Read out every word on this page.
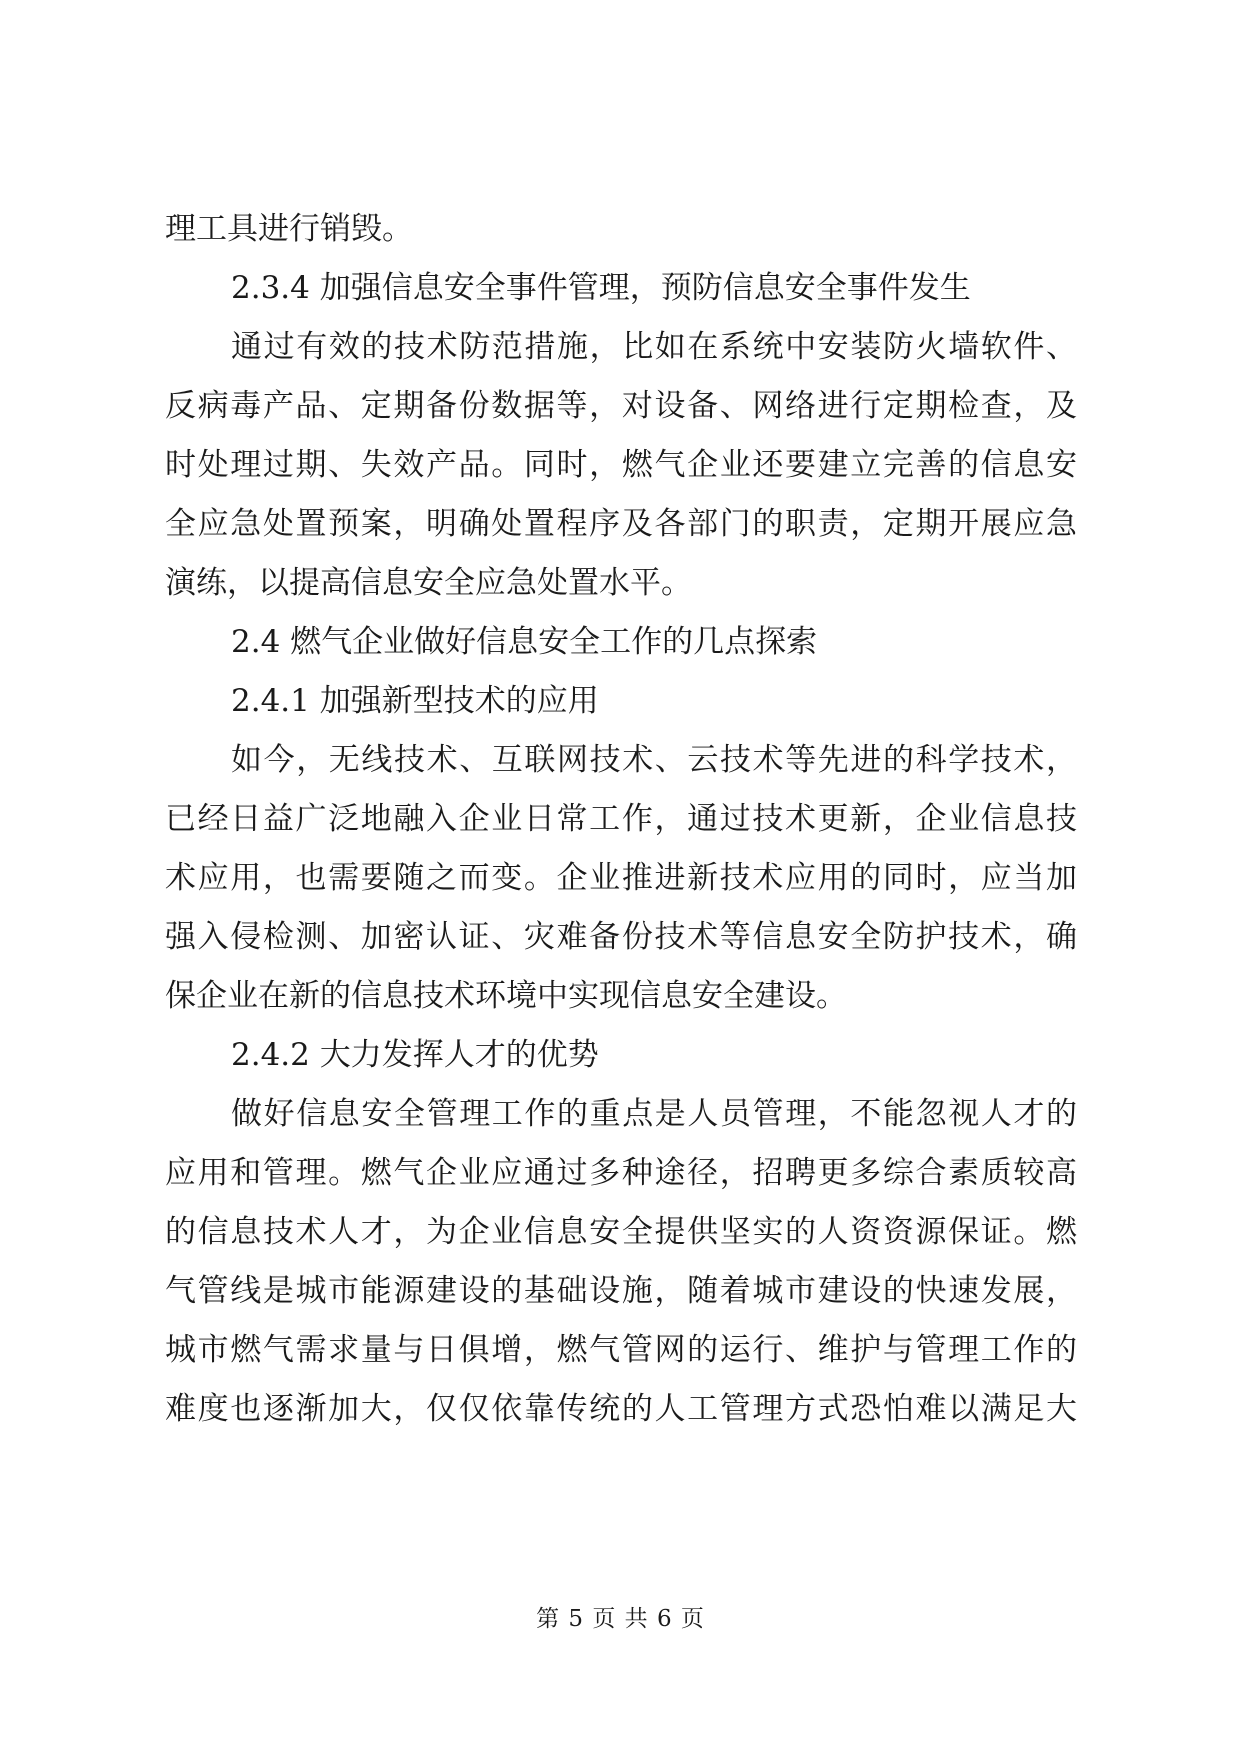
理工具进行销毁。
2.3.4 加强信息安全事件管理，预防信息安全事件发生
通过有效的技术防范措施，比如在系统中安装防火墙软件、
反病毒产品、定期备份数据等，对设备、网络进行定期检查，及
时处理过期、失效产品。同时，燃气企业还要建立完善的信息安
全应急处置预案，明确处置程序及各部门的职责，定期开展应急
演练，以提高信息安全应急处置水平。
2.4 燃气企业做好信息安全工作的几点探索
2.4.1 加强新型技术的应用
如今，无线技术、互联网技术、云技术等先进的科学技术，
已经日益广泛地融入企业日常工作，通过技术更新，企业信息技
术应用，也需要随之而变。企业推进新技术应用的同时，应当加
强入侵检测、加密认证、灾难备份技术等信息安全防护技术，确
保企业在新的信息技术环境中实现信息安全建设。
2.4.2 大力发挥人才的优势
做好信息安全管理工作的重点是人员管理，不能忽视人才的
应用和管理。燃气企业应通过多种途径，招聘更多综合素质较高
的信息技术人才，为企业信息安全提供坚实的人资资源保证。燃
气管线是城市能源建设的基础设施，随着城市建设的快速发展，
城市燃气需求量与日俱增，燃气管网的运行、维护与管理工作的
难度也逐渐加大，仅仅依靠传统的人工管理方式恐怕难以满足大
第 5 页 共 6 页
